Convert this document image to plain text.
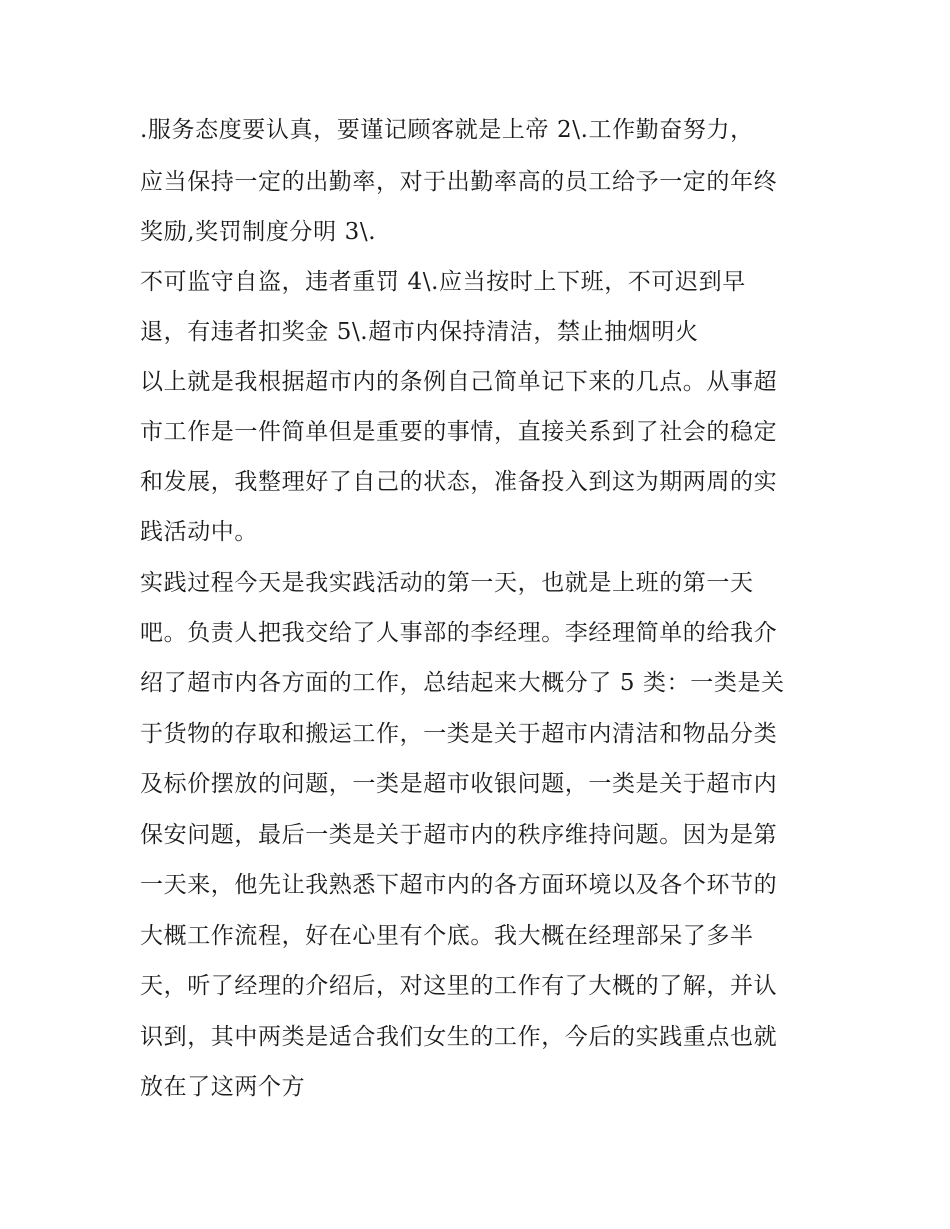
.服务态度要认真，要谨记顾客就是上帝 2\.工作勤奋努力，
应当保持一定的出勤率，对于出勤率高的员工给予一定的年终
奖励,奖罚制度分明 3\.
不可监守自盗，违者重罚 4\.应当按时上下班，不可迟到早
退，有违者扣奖金 5\.超市内保持清洁，禁止抽烟明火
以上就是我根据超市内的条例自己简单记下来的几点。从事超
市工作是一件简单但是重要的事情，直接关系到了社会的稳定
和发展，我整理好了自己的状态，准备投入到这为期两周的实
践活动中。
实践过程今天是我实践活动的第一天，也就是上班的第一天
吧。负责人把我交给了人事部的李经理。李经理简单的给我介
绍了超市内各方面的工作，总结起来大概分了 5 类：一类是关
于货物的存取和搬运工作，一类是关于超市内清洁和物品分类
及标价摆放的问题，一类是超市收银问题，一类是关于超市内
保安问题，最后一类是关于超市内的秩序维持问题。因为是第
一天来，他先让我熟悉下超市内的各方面环境以及各个环节的
大概工作流程，好在心里有个底。我大概在经理部呆了多半
天，听了经理的介绍后，对这里的工作有了大概的了解，并认
识到，其中两类是适合我们女生的工作，今后的实践重点也就
放在了这两个方
